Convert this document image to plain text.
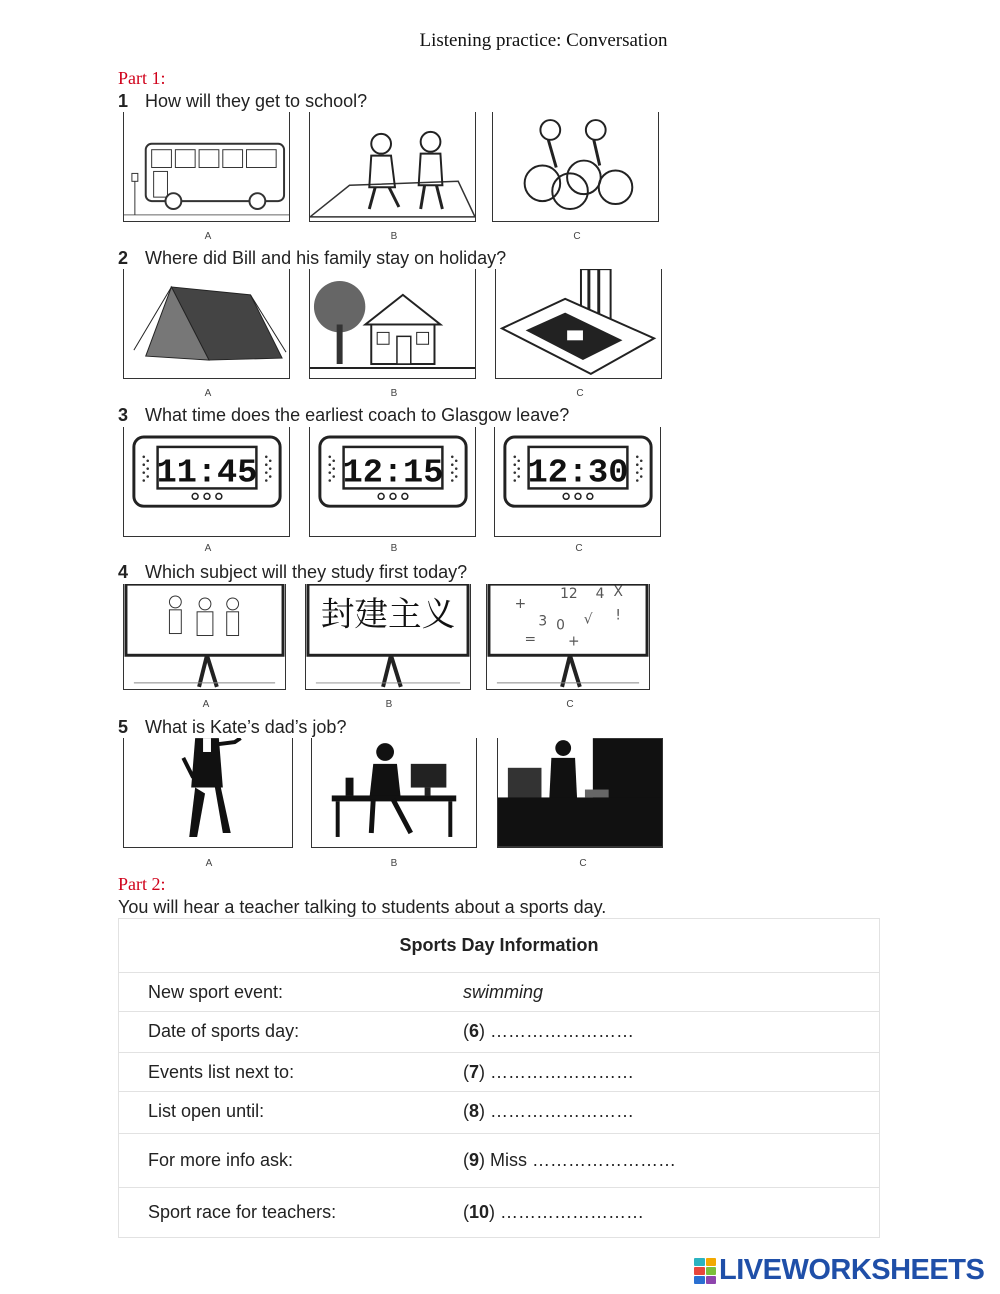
Listening practice: Conversation
Part 1:
1 How will they get to school?
A	B	C
2 Where did Bill and his family stay on holiday?
A	B	C
3 What time does the earliest coach to Glasgow leave?
11:45	12:15 12:30
A	B	C
4 Which subject will they study first today?
封建主义	+
3
12 4 X
=
0 √ !
+
A	B	C
5 What is Kate’s dad’s job?
A	B	C
Part 2:
You will hear a teacher talking to students about a sports day.
Sports Day Information
New sport event:	swimming
Date of sports day:	(6) ……………………
Events list next to:	(7) ……………………
List open until:	(8) ……………………
For more info ask:	(9) Miss ……………………
Sport race for teachers:	(10) ……………………
LIVEWORKSHEETS
